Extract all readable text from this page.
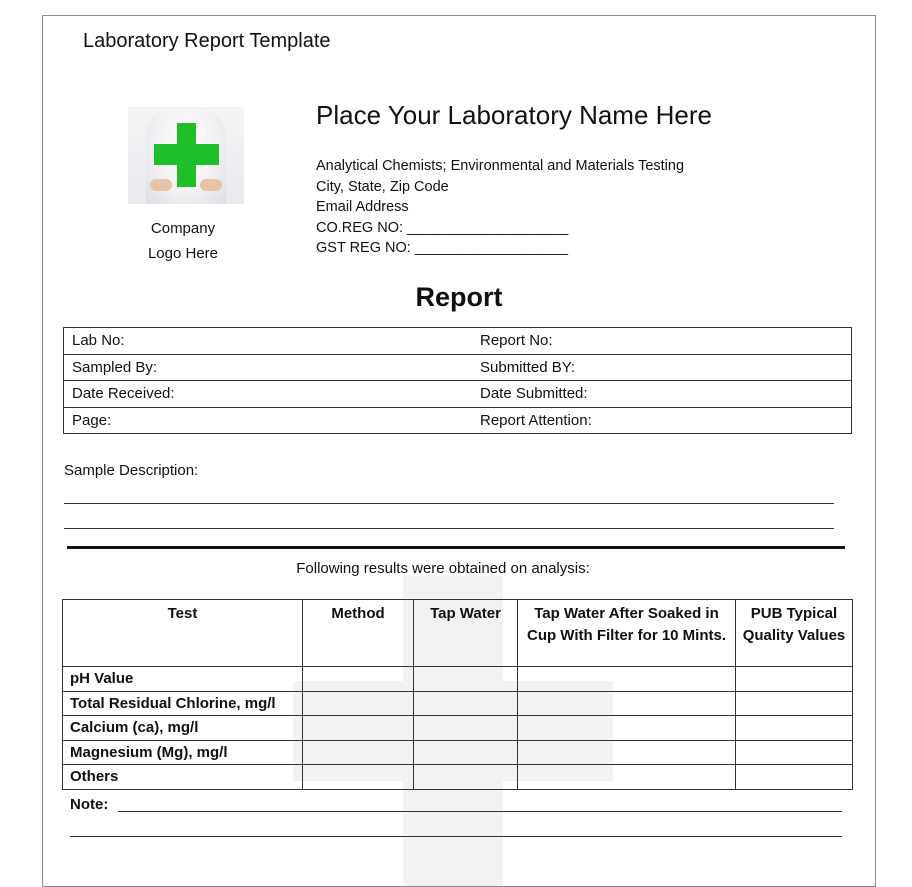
Laboratory Report Template
Company
Logo Here
Place Your Laboratory Name Here
Analytical Chemists; Environmental and Materials Testing
City, State, Zip Code
Email Address
CO.REG NO: ____________________
GST REG NO: ___________________
Report
Lab No:	Report No:
Sampled By:	Submitted BY:
Date Received:	Date Submitted:
Page:	Report Attention:
Sample Description:
Following results were obtained on analysis:
Test	Method	Tap Water	Tap Water After Soaked in Cup With Filter for 10 Mints.	PUB Typical Quality Values
pH Value				
Total Residual Chlorine, mg/l				
Calcium (ca), mg/l				
Magnesium (Mg), mg/l				
Others				
Note:
